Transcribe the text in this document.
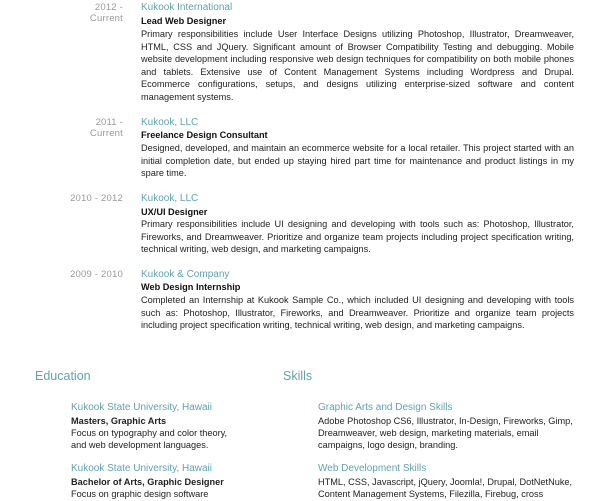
2012 - Current
Kukook International
Lead Web Designer
Primary responsibilities include User Interface Designs utilizing Photoshop, Illustrator, Dreamweaver, HTML, CSS and JQuery. Significant amount of Browser Compatibility Testing and debugging. Mobile website development including responsive web design techniques for compatibility on both mobile phones and tablets. Extensive use of Content Management Systems including Wordpress and Drupal. Ecommerce configurations, setups, and designs utilizing enterprise-sized software and content management systems.
2011 - Current
Kukook, LLC
Freelance Design Consultant
Designed, developed, and maintain an ecommerce website for a local retailer. This project started with an initial completion date, but ended up staying hired part time for maintenance and product listings in my spare time.
2010 - 2012 Kukook, LLC
UX/UI Designer
Primary responsibilities include UI designing and developing with tools such as: Photoshop, Illustrator, Fireworks, and Dreamweaver. Prioritize and organize team projects including project specification writing, technical writing, web design, and marketing campaigns.
2009 - 2010 Kukook & Company
Web Design Internship
Completed an Internship at Kukook Sample Co., which included UI designing and developing with tools such as: Photoshop, Illustrator, Fireworks, and Dreamweaver. Prioritize and organize team projects including project specification writing, technical writing, web design, and marketing campaigns.
Education
Kukook State University, Hawaii
Masters, Graphic Arts
Focus on typography and color theory,
and web development languages.
Kukook State University, Hawaii
Bachelor of Arts, Graphic Designer
Focus on graphic design software
Skills
Graphic Arts and Design Skills
Adobe Photoshop CS6, Illustrator, In-Design, Fireworks, Gimp,
Dreamweaver, web design, marketing materials, email
campaigns, logo design, branding.
Web Development Skills
HTML, CSS, Javascript, jQuery, Joomla!, Drupal, DotNetNuke,
Content Management Systems, Filezilla, Firebug, cross
